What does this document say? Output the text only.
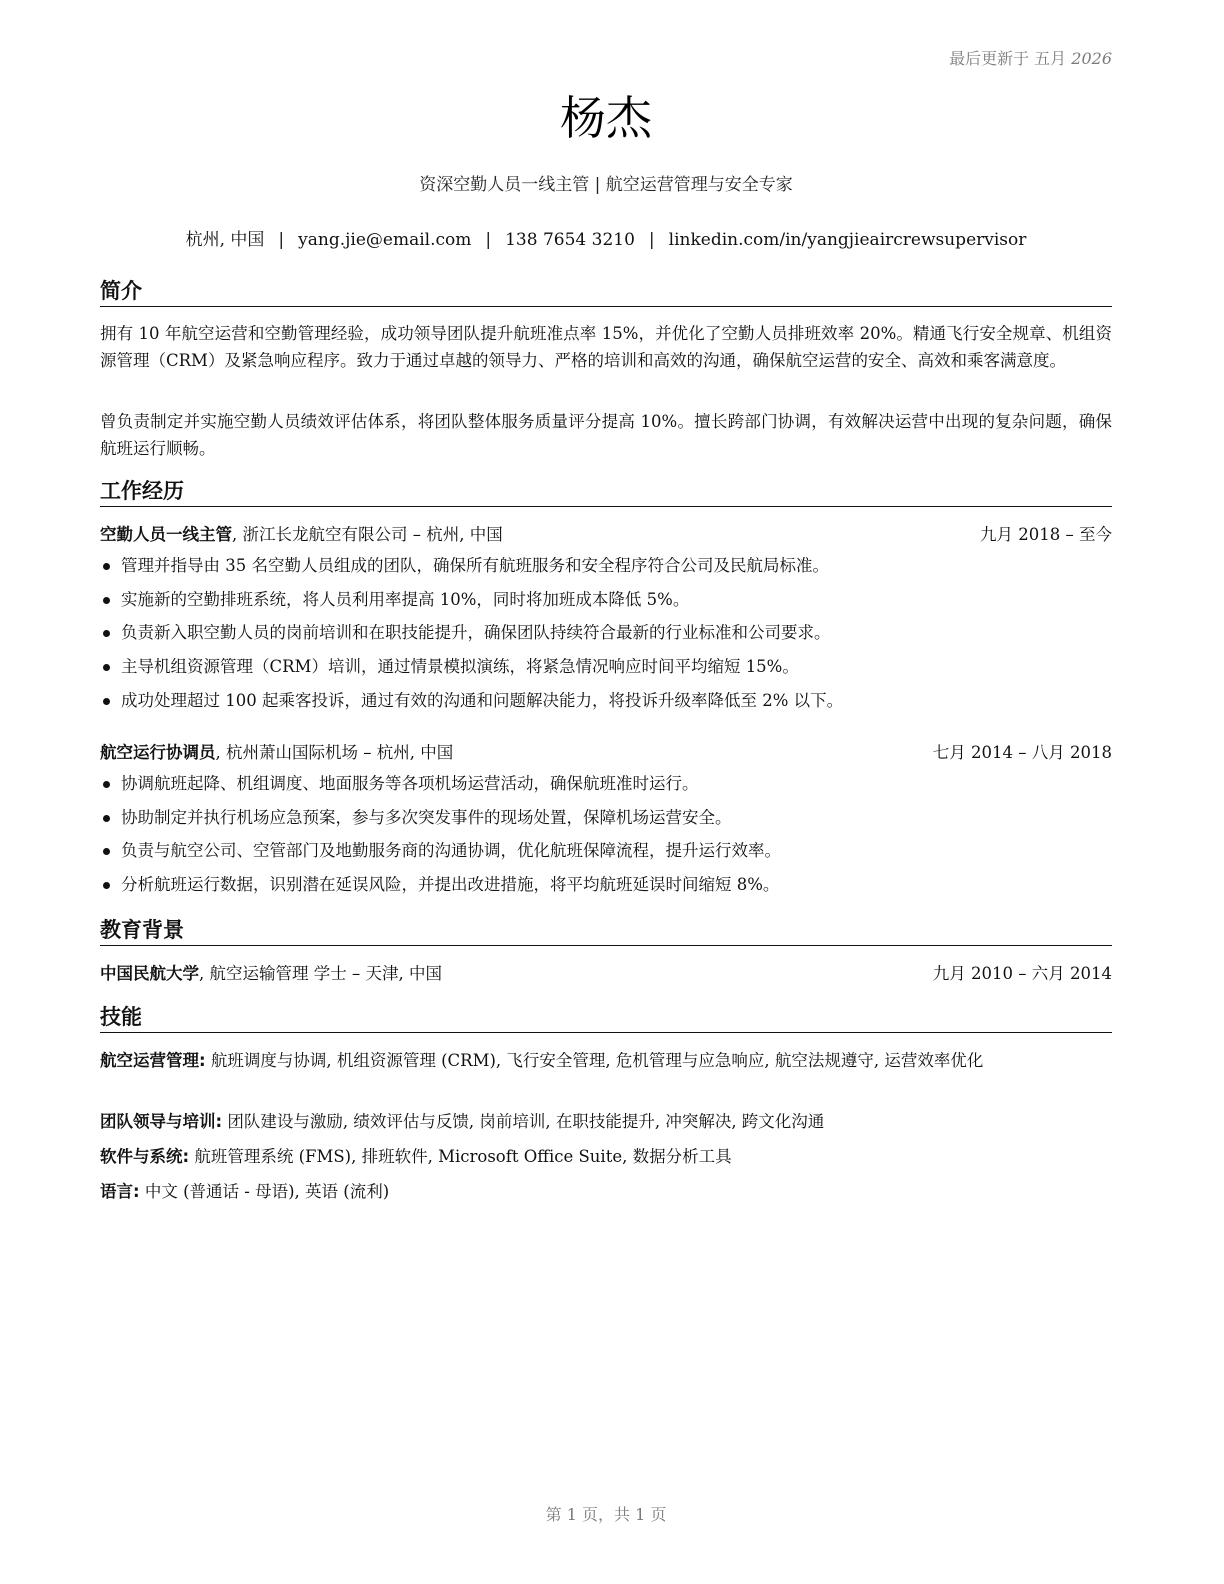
最后更新于 五月 2026
杨杰
资深空勤人员一线主管 | 航空运营管理与安全专家
杭州, 中国 | yang.jie@email.com | 138 7654 3210 | linkedin.com/in/yangjieaircrewsupervisor
简介
拥有 10 年航空运营和空勤管理经验，成功领导团队提升航班准点率 15%，并优化了空勤人员排班效率 20%。精通飞行安全规章、机组资源管理（CRM）及紧急响应程序。致力于通过卓越的领导力、严格的培训和高效的沟通，确保航空运营的安全、高效和乘客满意度。
曾负责制定并实施空勤人员绩效评估体系，将团队整体服务质量评分提高 10%。擅长跨部门协调，有效解决运营中出现的复杂问题，确保航班运行顺畅。
工作经历
空勤人员一线主管, 浙江长龙航空有限公司 – 杭州, 中国	九月 2018 – 至今
管理并指导由 35 名空勤人员组成的团队，确保所有航班服务和安全程序符合公司及民航局标准。
实施新的空勤排班系统，将人员利用率提高 10%，同时将加班成本降低 5%。
负责新入职空勤人员的岗前培训和在职技能提升，确保团队持续符合最新的行业标准和公司要求。
主导机组资源管理（CRM）培训，通过情景模拟演练，将紧急情况响应时间平均缩短 15%。
成功处理超过 100 起乘客投诉，通过有效的沟通和问题解决能力，将投诉升级率降低至 2% 以下。
航空运行协调员, 杭州萧山国际机场 – 杭州, 中国	七月 2014 – 八月 2018
协调航班起降、机组调度、地面服务等各项机场运营活动，确保航班准时运行。
协助制定并执行机场应急预案，参与多次突发事件的现场处置，保障机场运营安全。
负责与航空公司、空管部门及地勤服务商的沟通协调，优化航班保障流程，提升运行效率。
分析航班运行数据，识别潜在延误风险，并提出改进措施，将平均航班延误时间缩短 8%。
教育背景
中国民航大学, 航空运输管理 学士 – 天津, 中国	九月 2010 – 六月 2014
技能
航空运营管理: 航班调度与协调, 机组资源管理 (CRM), 飞行安全管理, 危机管理与应急响应, 航空法规遵守, 运营效率优化
团队领导与培训: 团队建设与激励, 绩效评估与反馈, 岗前培训, 在职技能提升, 冲突解决, 跨文化沟通
软件与系统: 航班管理系统 (FMS), 排班软件, Microsoft Office Suite, 数据分析工具
语言: 中文 (普通话 - 母语), 英语 (流利)
第 1 页，共 1 页
